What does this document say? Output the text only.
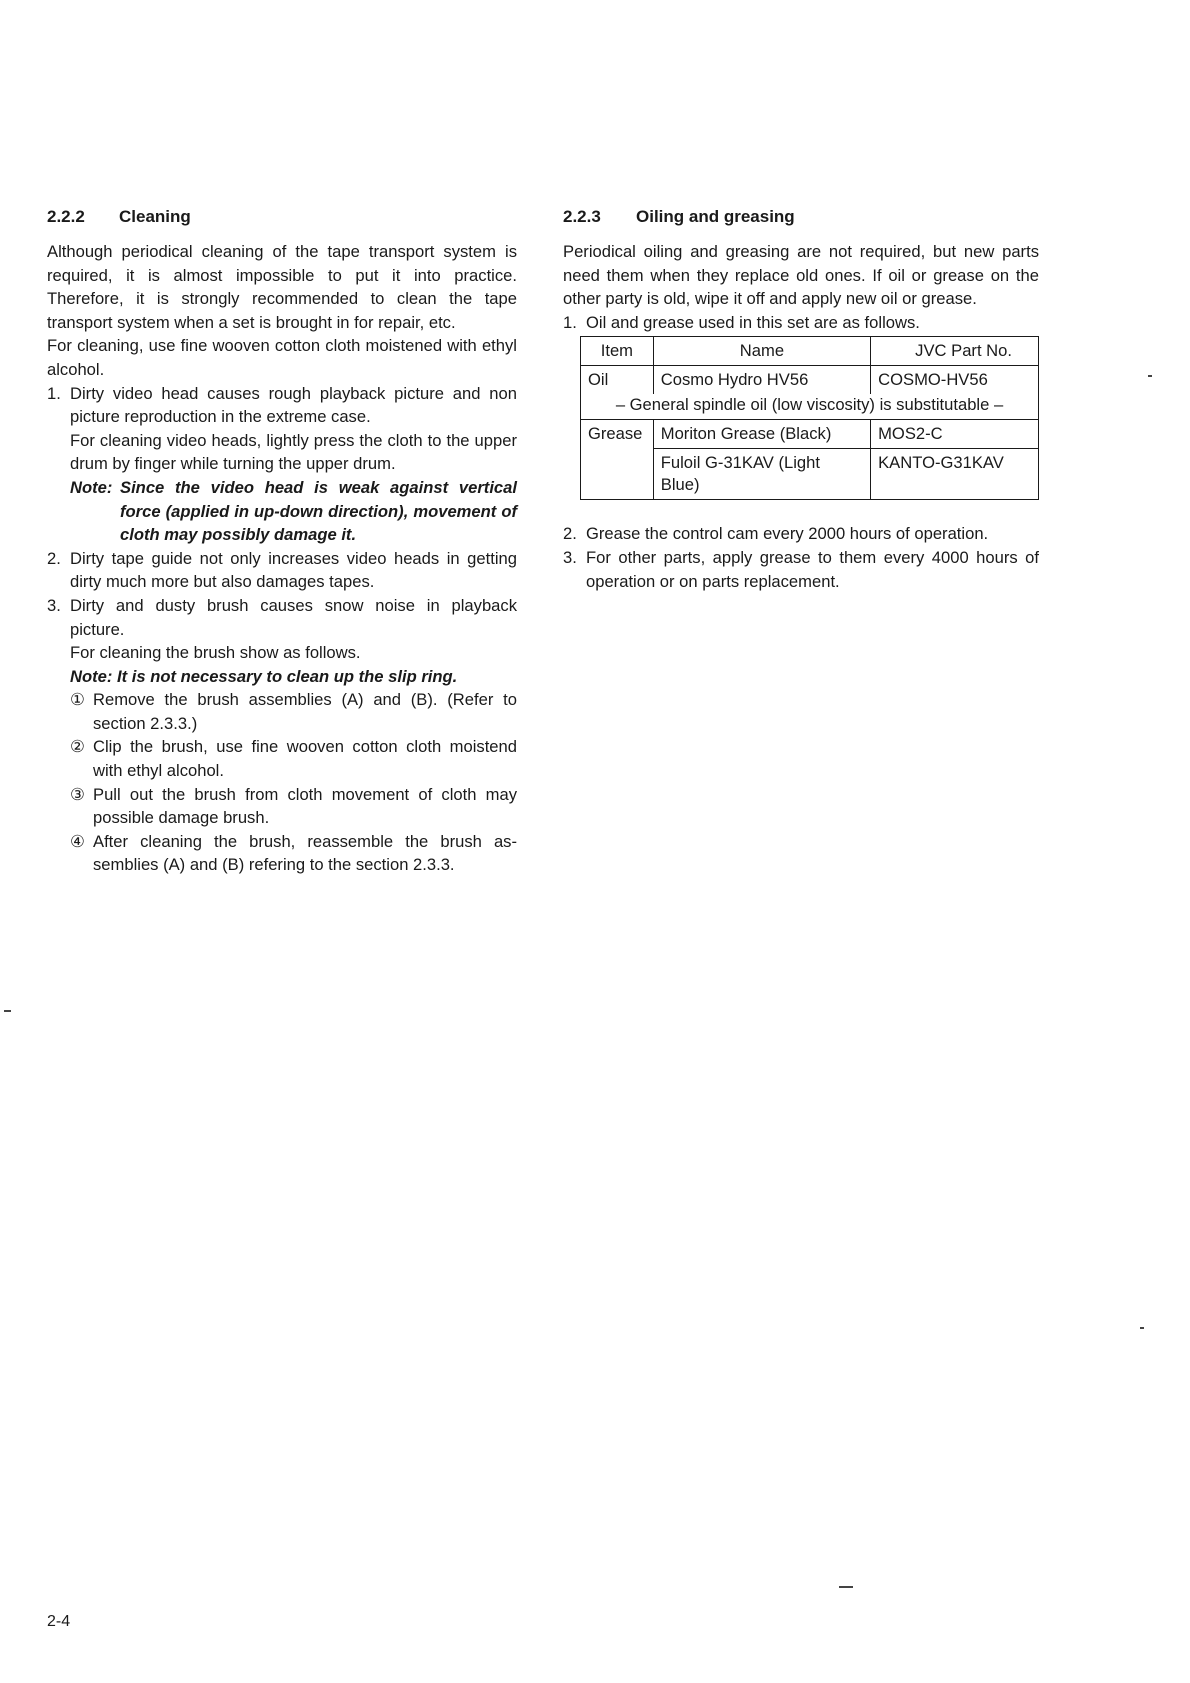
2.2.2 Cleaning

Although periodical cleaning of the tape transport system is required, it is almost impossible to put it into practice. Therefore, it is strongly recommended to clean the tape transport system when a set is brought in for repair, etc.

For cleaning, use fine wooven cotton cloth moistened with ethyl alcohol.

1. Dirty video head causes rough playback picture and non picture reproduction in the extreme case.
For cleaning video heads, lightly press the cloth to the upper drum by finger while turning the upper drum.
Note: Since the video head is weak against vertical force (applied in up-down direction), movement of cloth may possibly damage it.
2. Dirty tape guide not only increases video heads in getting dirty much more but also damages tapes.
3. Dirty and dusty brush causes snow noise in playback picture.
For cleaning the brush show as follows.
Note: It is not necessary to clean up the slip ring.
① Remove the brush assemblies (A) and (B). (Refer to section 2.3.3.)
② Clip the brush, use fine wooven cotton cloth moistend with ethyl alcohol.
③ Pull out the brush from cloth movement of cloth may possible damage brush.
④ After cleaning the brush, reassemble the brush as-semblies (A) and (B) refering to the section 2.3.3.
2.2.3 Oiling and greasing

Periodical oiling and greasing are not required, but new parts need them when they replace old ones. If oil or grease on the other party is old, wipe it off and apply new oil or grease.

1. Oil and grease used in this set are as follows.
Item	Name	JVC Part No.
Oil	Cosmo Hydro HV56	COSMO-HV56
– General spindle oil (low viscosity) is substitutable –		
Grease	Moriton Grease (Black)	MOS2-C
	Fuloil G-31KAV (Light Blue)	KANTO-G31KAV
2. Grease the control cam every 2000 hours of operation.
3. For other parts, apply grease to them every 4000 hours of operation or on parts replacement.
2-4
